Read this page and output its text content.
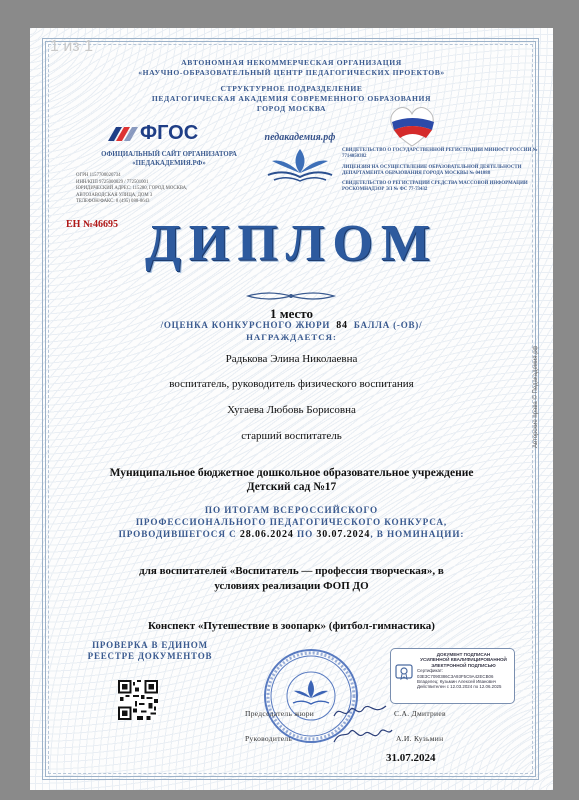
1 из 1
АВТОНОМНАЯ НЕКОММЕРЧЕСКАЯ ОРГАНИЗАЦИЯ
«НАУЧНО-ОБРАЗОВАТЕЛЬНЫЙ ЦЕНТР ПЕДАГОГИЧЕСКИХ ПРОЕКТОВ»
СТРУКТУРНОЕ ПОДРАЗДЕЛЕНИЕ
ПЕДАГОГИЧЕСКАЯ АКАДЕМИЯ СОВРЕМЕННОГО ОБРАЗОВАНИЯ
ГОРОД МОСКВА
ФГОС
ОФИЦИАЛЬНЫЙ САЙТ ОРГАНИЗАТОРА
«ПЕДАКАДЕМИЯ.РФ»
ОГРН 1157700020734
ИНН/КПП 9725000029 / 772501001
ЮРИДИЧЕСКИЙ АДРЕС: 115280, ГОРОД МОСКВА,
АВТОЗАВОДСКАЯ УЛИЦА, ДОМ 3
ТЕЛЕФОН/ФАКС: 8 (495) 088-8643
педакадемия.рф
СВИДЕТЕЛЬСТВО О ГОСУДАРСТВЕННОЙ РЕГИСТРАЦИИ МИНЮСТ РОССИИ № 7714050382
ЛИЦЕНЗИЯ НА ОСУЩЕСТВЛЕНИЕ ОБРАЗОВАТЕЛЬНОЙ ДЕЯТЕЛЬНОСТИ ДЕПАРТАМЕНТА ОБРАЗОВАНИЯ ГОРОДА МОСКВЫ № 041088
СВИДЕТЕЛЬСТВО О РЕГИСТРАЦИИ СРЕДСТВА МАССОВОЙ ИНФОРМАЦИИ РОСКОМНАДЗОР ЭЛ № ФС 77-73432
ЕН №46695 ДИПЛОМ
1 место
/ОЦЕНКА КОНКУРСНОГО ЖЮРИ 84 БАЛЛА (-ОВ)/
НАГРАЖДАЕТСЯ:
Радькова Элина Николаевна
воспитатель, руководитель физического воспитания
Хугаева Любовь Борисовна
старший воспитатель
Муниципальное бюджетное дошкольное образовательное учреждение
Детский сад №17
ПО ИТОГАМ ВСЕРОССИЙСКОГО
ПРОФЕССИОНАЛЬНОГО ПЕДАГОГИЧЕСКОГО КОНКУРСА,
ПРОВОДИВШЕГОСЯ С 28.06.2024 ПО 30.07.2024, В НОМИНАЦИИ:
для воспитателей «Воспитатель — профессия творческая», в
условиях реализации ФОП ДО
Конспект «Путешествие в зоопарк» (фитбол-гимнастика)
ПРОВЕРКА В ЕДИНОМ
РЕЕСТРЕ ДОКУМЕНТОВ	ДОКУМЕНТ ПОДПИСАН
УСИЛЕННОЙ КВАЛИФИЦИРОВАННОЙ
ЭЛЕКТРОННОЙ ПОДПИСЬЮ
Сертификат: 03E3C7090386C3A93F5C9A42ECB06
Владелец: Кузьмин Алексей Иванович
Действителен с 12.03.2024 по 12.06.2025
Председатель жюри	С.А. Дмитриев
Руководитель	А.И. Кузьмин
31.07.2024
Авторские права © Педакадемия.рф
